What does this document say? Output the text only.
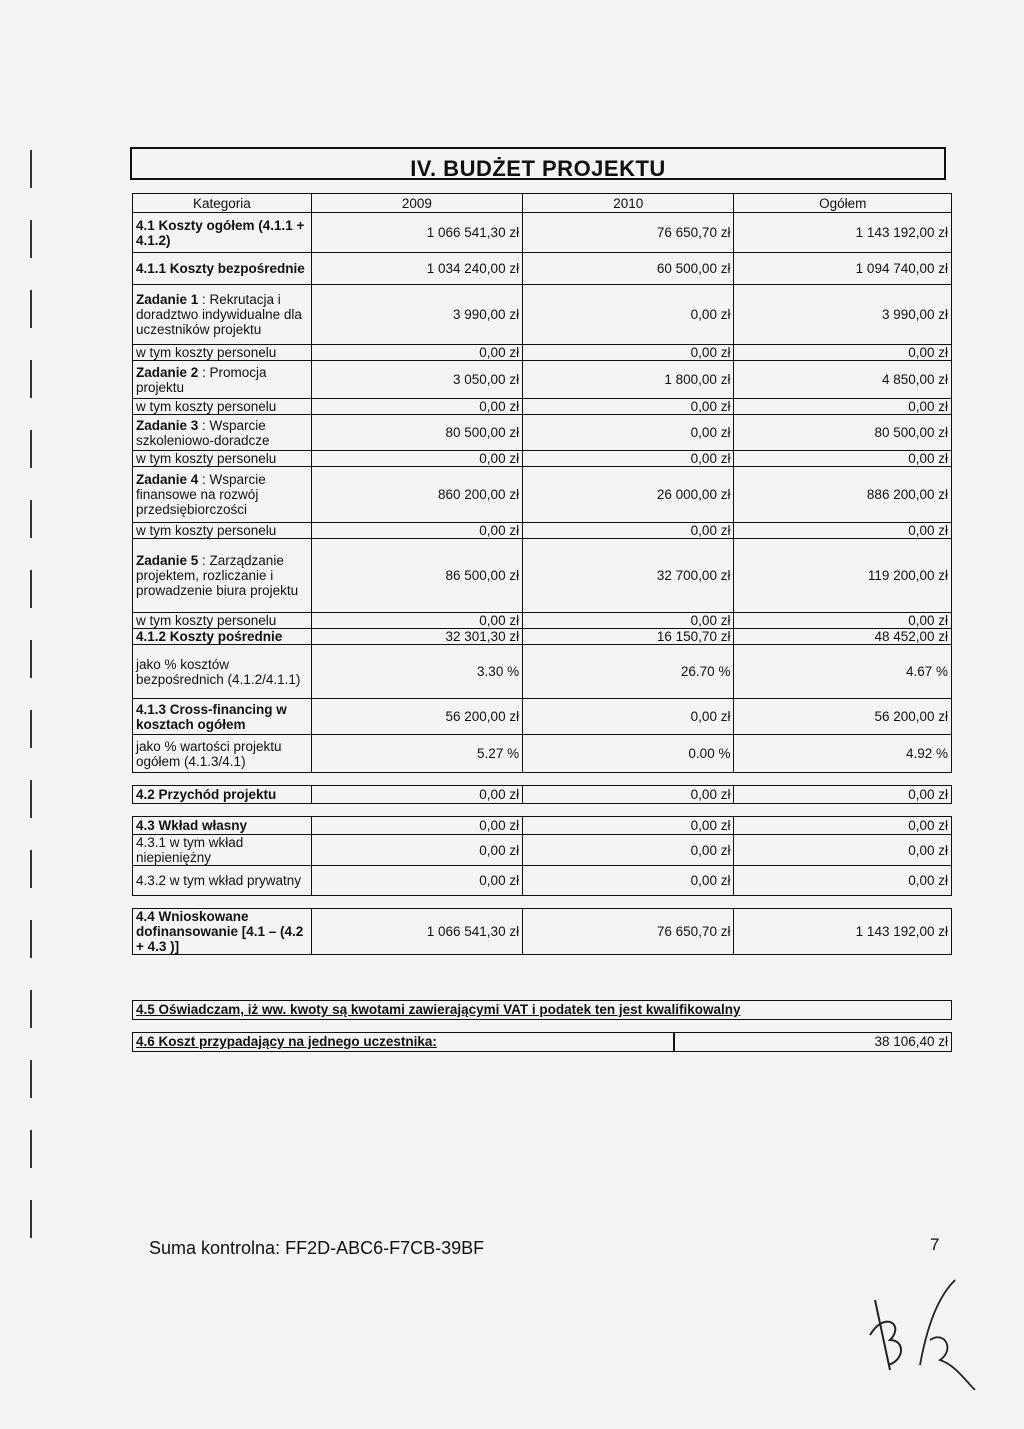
IV. BUDŻET PROJEKTU
Kategoria	2009	2010	Ogółem
4.1 Koszty ogółem (4.1.1 + 4.1.2)	1 066 541,30 zł	76 650,70 zł	1 143 192,00 zł
4.1.1 Koszty bezpośrednie	1 034 240,00 zł	60 500,00 zł	1 094 740,00 zł
Zadanie 1 : Rekrutacja i doradztwo indywidualne dla uczestników projektu	3 990,00 zł	0,00 zł	3 990,00 zł
w tym koszty personelu	0,00 zł	0,00 zł	0,00 zł
Zadanie 2 : Promocja projektu	3 050,00 zł	1 800,00 zł	4 850,00 zł
w tym koszty personelu	0,00 zł	0,00 zł	0,00 zł
Zadanie 3 : Wsparcie szkoleniowo-doradcze	80 500,00 zł	0,00 zł	80 500,00 zł
w tym koszty personelu	0,00 zł	0,00 zł	0,00 zł
Zadanie 4 : Wsparcie finansowe na rozwój przedsiębiorczości	860 200,00 zł	26 000,00 zł	886 200,00 zł
w tym koszty personelu	0,00 zł	0,00 zł	0,00 zł
Zadanie 5 : Zarządzanie projektem, rozliczanie i prowadzenie biura projektu	86 500,00 zł	32 700,00 zł	119 200,00 zł
w tym koszty personelu	0,00 zł	0,00 zł	0,00 zł
4.1.2 Koszty pośrednie	32 301,30 zł	16 150,70 zł	48 452,00 zł
jako % kosztów bezpośrednich (4.1.2/4.1.1)	3.30 %	26.70 %	4.67 %
4.1.3 Cross-financing w kosztach ogółem	56 200,00 zł	0,00 zł	56 200,00 zł
jako % wartości projektu ogółem (4.1.3/4.1)	5.27 %	0.00 %	4.92 %

4.2 Przychód projektu	0,00 zł	0,00 zł	0,00 zł

4.3 Wkład własny	0,00 zł	0,00 zł	0,00 zł
4.3.1 w tym wkład niepieniężny	0,00 zł	0,00 zł	0,00 zł
4.3.2 w tym wkład prywatny	0,00 zł	0,00 zł	0,00 zł

4.4 Wnioskowane dofinansowanie [4.1 – (4.2 + 4.3 )]	1 066 541,30 zł	76 650,70 zł	1 143 192,00 zł
4.5 Oświadczam, iż ww. kwoty są kwotami zawierającymi VAT i podatek ten jest kwalifikowalny
4.6 Koszt przypadający na jednego uczestnika:	38 106,40 zł
Suma kontrolna: FF2D-ABC6-F7CB-39BF	7
